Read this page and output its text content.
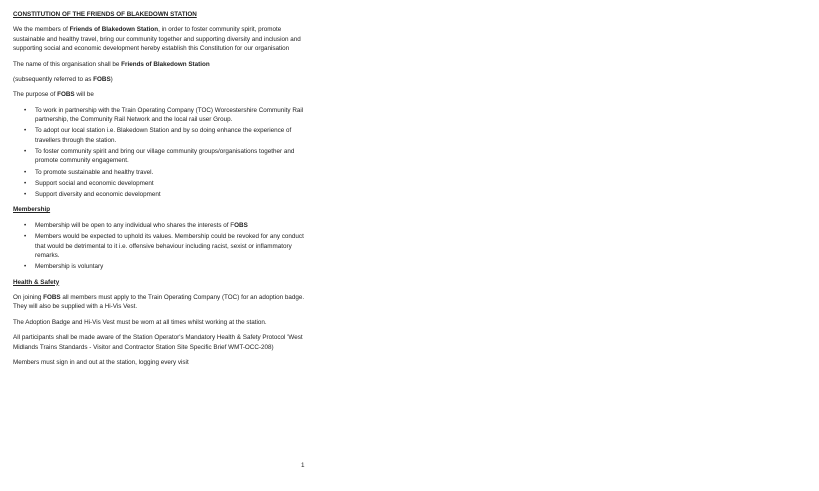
CONSTITUTION OF THE FRIENDS OF BLAKEDOWN STATION
We the members of Friends of Blakedown Station, in order to foster community spirit, promote sustainable and healthy travel, bring our community together and supporting diversity and inclusion and supporting social and economic development hereby establish this Constitution for our organisation
The name of this organisation shall be Friends of Blakedown Station
(subsequently referred to as FOBS)
The purpose of FOBS will be
• To work in partnership with the Train Operating Company (TOC) Worcestershire Community Rail partnership, the Community Rail Network and the local rail user Group.
• To adopt our local station i.e. Blakedown Station and by so doing enhance the experience of travellers through the station.
• To foster community spirit and bring our village community groups/organisations together and promote community engagement.
• To promote sustainable and healthy travel.
• Support social and economic development
• Support diversity and economic development
Membership
• Membership will be open to any individual who shares the interests of FOBS
• Members would be expected to uphold its values. Membership could be revoked for any conduct that would be detrimental to it i.e. offensive behaviour including racist, sexist or inflammatory remarks.
• Membership is voluntary
Health & Safety
On joining FOBS all members must apply to the Train Operating Company (TOC) for an adoption badge. They will also be supplied with a Hi-Vis Vest.
The Adoption Badge and Hi-Vis Vest must be worn at all times whilst working at the station.
All participants shall be made aware of the Station Operator's Mandatory Health & Safety Protocol 'West Midlands Trains Standards - Visitor and Contractor Station Site Specific Brief WMT-OCC-208)
Members must sign in and out at the station, logging every visit
1
